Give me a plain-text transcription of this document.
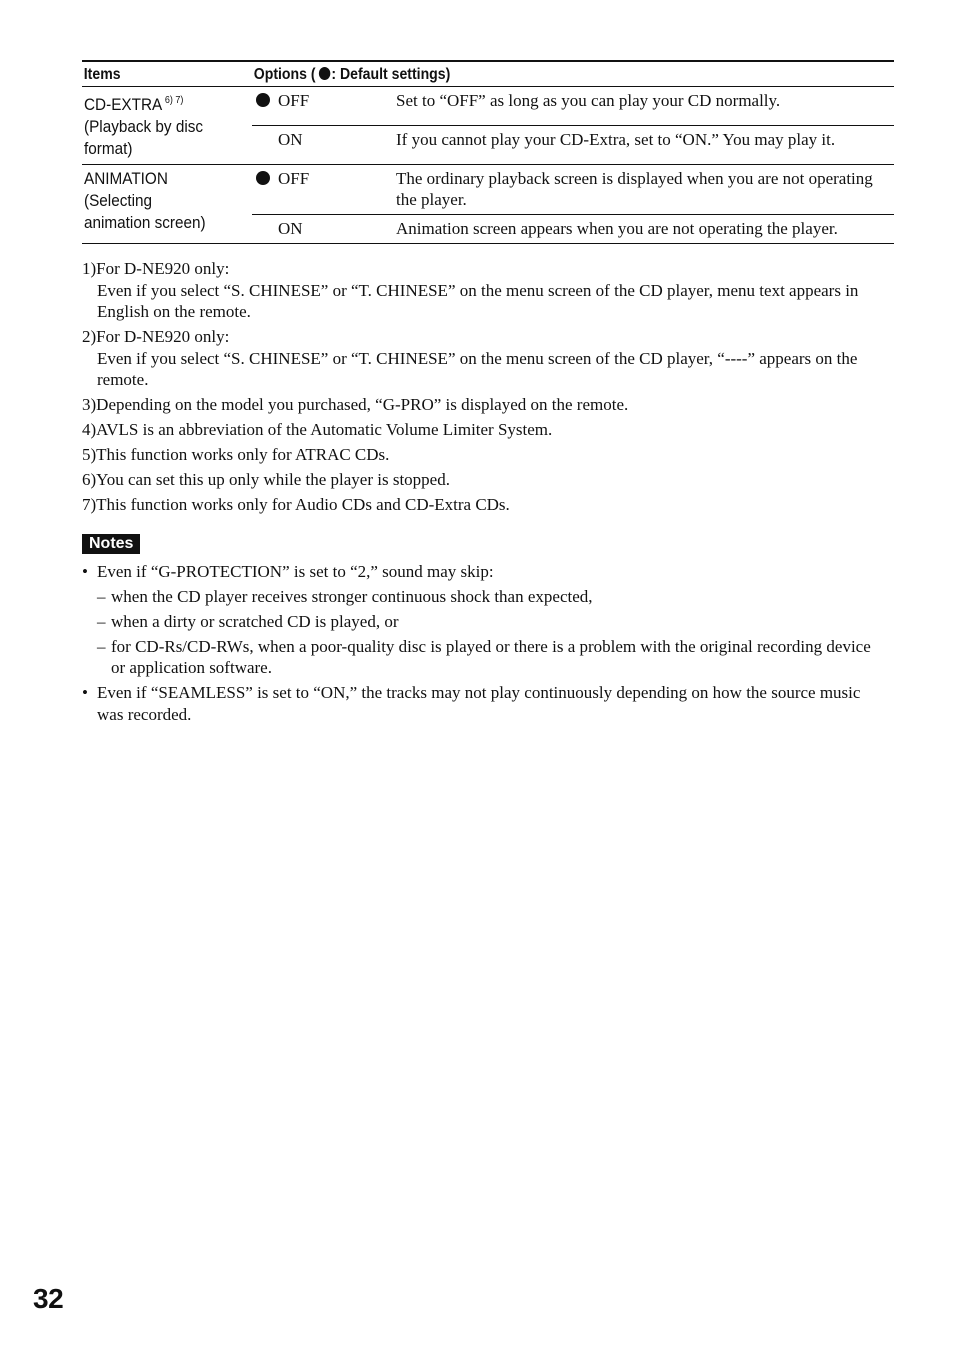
Items	Options ( : Default settings)	

CD-EXTRA $^{6) 7)}$
(Playback by disc
format)	OFF	Set to “OFF” as long as you can play your CD normally.
	ON	If you cannot play your CD-Extra, set to “ON.” You may play it.

ANIMATION
(Selecting
animation screen)	OFF	The ordinary playback screen is displayed when you are not operating the player.
	ON	Animation screen appears when you are not operating the player.
1)For D-NE920 only:
Even if you select “S. CHINESE” or “T. CHINESE” on the menu screen of the CD player, menu text appears in English on the remote.
2)For D-NE920 only:
Even if you select “S. CHINESE” or “T. CHINESE” on the menu screen of the CD player, “----” appears on the remote.
3)Depending on the model you purchased, “G-PRO” is displayed on the remote.
4)AVLS is an abbreviation of the Automatic Volume Limiter System.
5)This function works only for ATRAC CDs.
6)You can set this up only while the player is stopped.
7)This function works only for Audio CDs and CD-Extra CDs.
Notes
• Even if “G-PROTECTION” is set to “2,” sound may skip:
– when the CD player receives stronger continuous shock than expected,
– when a dirty or scratched CD is played, or
– for CD-Rs/CD-RWs, when a poor-quality disc is played or there is a problem with the original recording device or application software.
• Even if “SEAMLESS” is set to “ON,” the tracks may not play continuously depending on how the source music was recorded.
32
